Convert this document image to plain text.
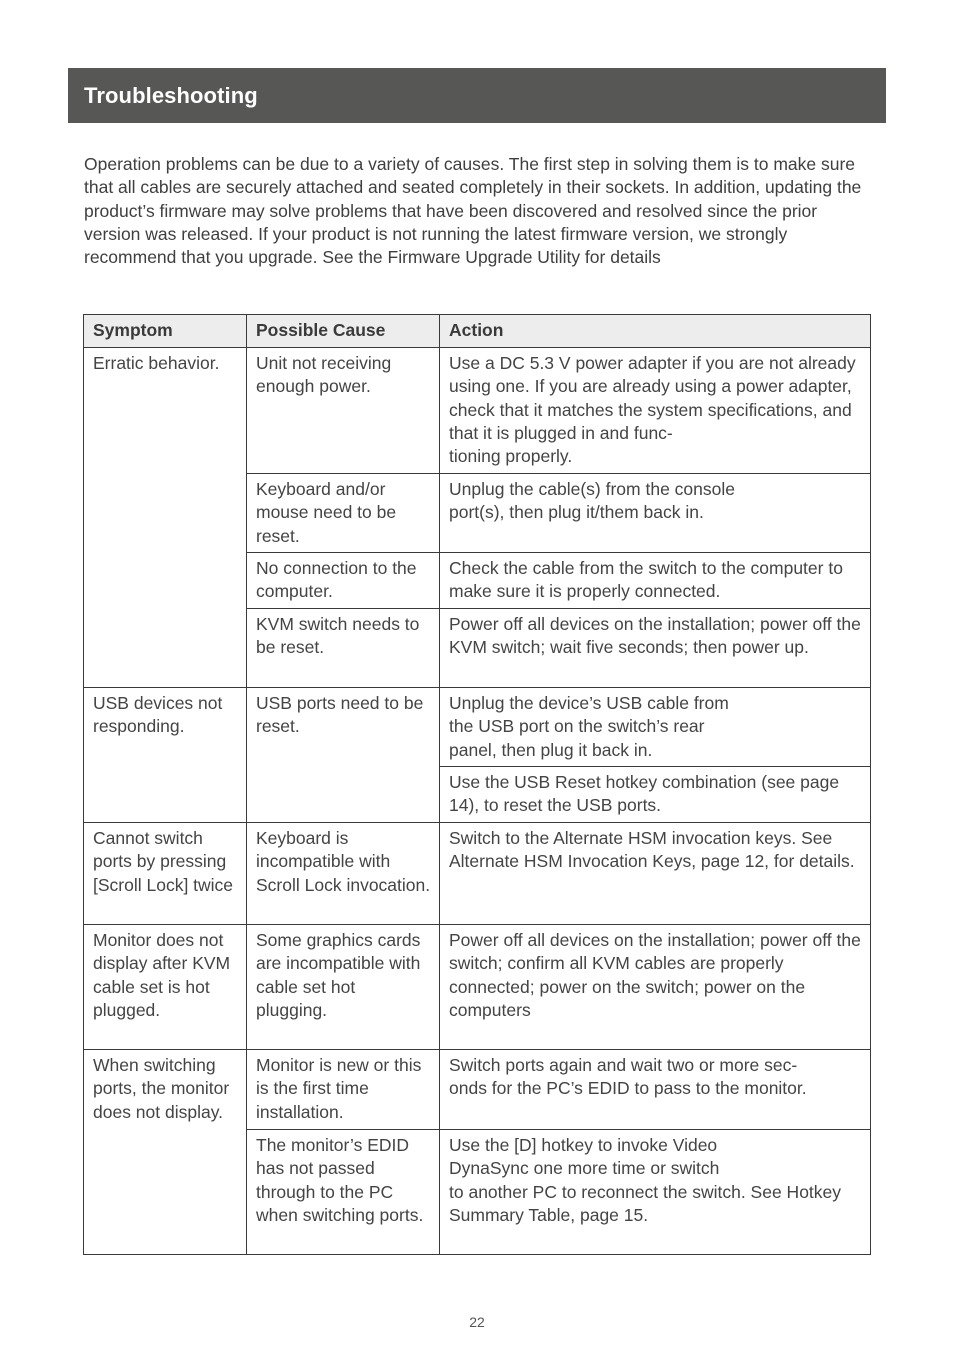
Troubleshooting

Operation problems can be due to a variety of causes. The first step in solving them is to make sure that all cables are securely attached and seated completely in their sockets. In addition, updating the product’s firmware may solve problems that have been discovered and resolved since the prior version was released. If your product is not running the latest firmware version, we strongly recommend that you upgrade. See the Firmware Upgrade Utility for details

Symptom	Possible Cause	Action
Erratic behavior.	Unit not receiving enough power.	Use a DC 5.3 V power adapter if you are not already using one. If you are already using a power adapter, check that it matches the system specifications, and that it is plugged in and func-
tioning properly.
	Keyboard and/or mouse need to be reset.	Unplug the cable(s) from the console
port(s), then plug it/them back in.
	No connection to the computer.	Check the cable from the switch to the computer to make sure it is properly connected.
	KVM switch needs to be reset.	Power off all devices on the installation; power off the KVM switch; wait five seconds; then power up.
USB devices not responding.	USB ports need to be reset.	Unplug the device’s USB cable from
the USB port on the switch’s rear
panel, then plug it back in.
		Use the USB Reset hotkey combination (see page 14), to reset the USB ports.
Cannot switch ports by pressing [Scroll Lock] twice	Keyboard is incompatible with Scroll Lock invocation.	Switch to the Alternate HSM invocation keys. See Alternate HSM Invocation Keys, page 12, for details.
Monitor does not display after KVM
cable set is hot plugged.	Some graphics cards are incompatible with cable set hot plugging.	Power off all devices on the installation; power off the switch; confirm all KVM cables are properly connected; power on the switch; power on the computers
When switching ports, the monitor
does not display.	Monitor is new or this is the first time installation.	Switch ports again and wait two or more sec-
onds for the PC’s EDID to pass to the monitor.
	The monitor’s EDID has not passed through to the PC when switching ports.	Use the [D] hotkey to invoke Video
DynaSync one more time or switch
to another PC to reconnect the switch. See Hotkey Summary Table, page 15.
22
